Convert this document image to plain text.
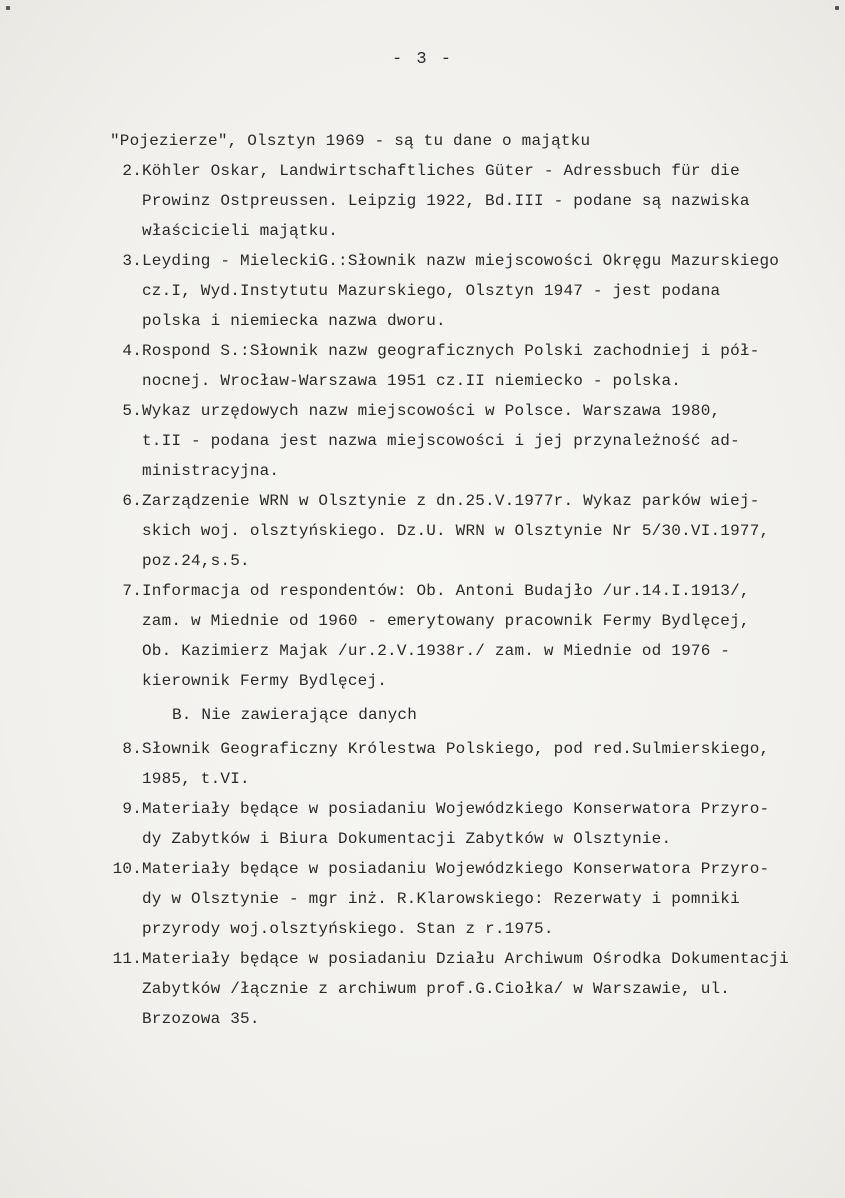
- 3 -
"Pojezierze", Olsztyn 1969 - są tu dane o majątku
2. Köhler Oskar, Landwirtschaftliches Güter - Adressbuch für die
Prowinz Ostpreussen. Leipzig 1922, Bd.III - podane są nazwiska
właścicieli majątku.
3. Leyding - MieleckiG.:Słownik nazw miejscowości Okręgu Mazurskiego
cz.I, Wyd.Instytutu Mazurskiego, Olsztyn 1947 - jest podana
polska i niemiecka nazwa dworu.
4. Rospond S.:Słownik nazw geograficznych Polski zachodniej i pół-
nocnej. Wrocław-Warszawa 1951 cz.II niemiecko - polska.
5. Wykaz urzędowych nazw miejscowości w Polsce. Warszawa 1980,
t.II - podana jest nazwa miejscowości i jej przynależność ad-
ministracyjna.
6. Zarządzenie WRN w Olsztynie z dn.25.V.1977r. Wykaz parków wiej-
skich woj. olsztyńskiego. Dz.U. WRN w Olsztynie Nr 5/30.VI.1977,
poz.24,s.5.
7. Informacja od respondentów: Ob. Antoni Budajło /ur.14.I.1913/,
zam. w Miednie od 1960 - emerytowany pracownik Fermy Bydlęcej,
Ob. Kazimierz Majak /ur.2.V.1938r./ zam. w Miednie od 1976 -
kierownik Fermy Bydlęcej.
B. Nie zawierające danych
8. Słownik Geograficzny Królestwa Polskiego, pod red.Sulmierskiego,
1985, t.VI.
9. Materiały będące w posiadaniu Wojewódzkiego Konserwatora Przyro-
dy Zabytków i Biura Dokumentacji Zabytków w Olsztynie.
10. Materiały będące w posiadaniu Wojewódzkiego Konserwatora Przyro-
dy w Olsztynie - mgr inż. R.Klarowskiego: Rezerwaty i pomniki
przyrody woj.olsztyńskiego. Stan z r.1975.
11. Materiały będące w posiadaniu Działu Archiwum Ośrodka Dokumentacji
Zabytków /łącznie z archiwum prof.G.Ciołka/ w Warszawie, ul.
Brzozowa 35.
